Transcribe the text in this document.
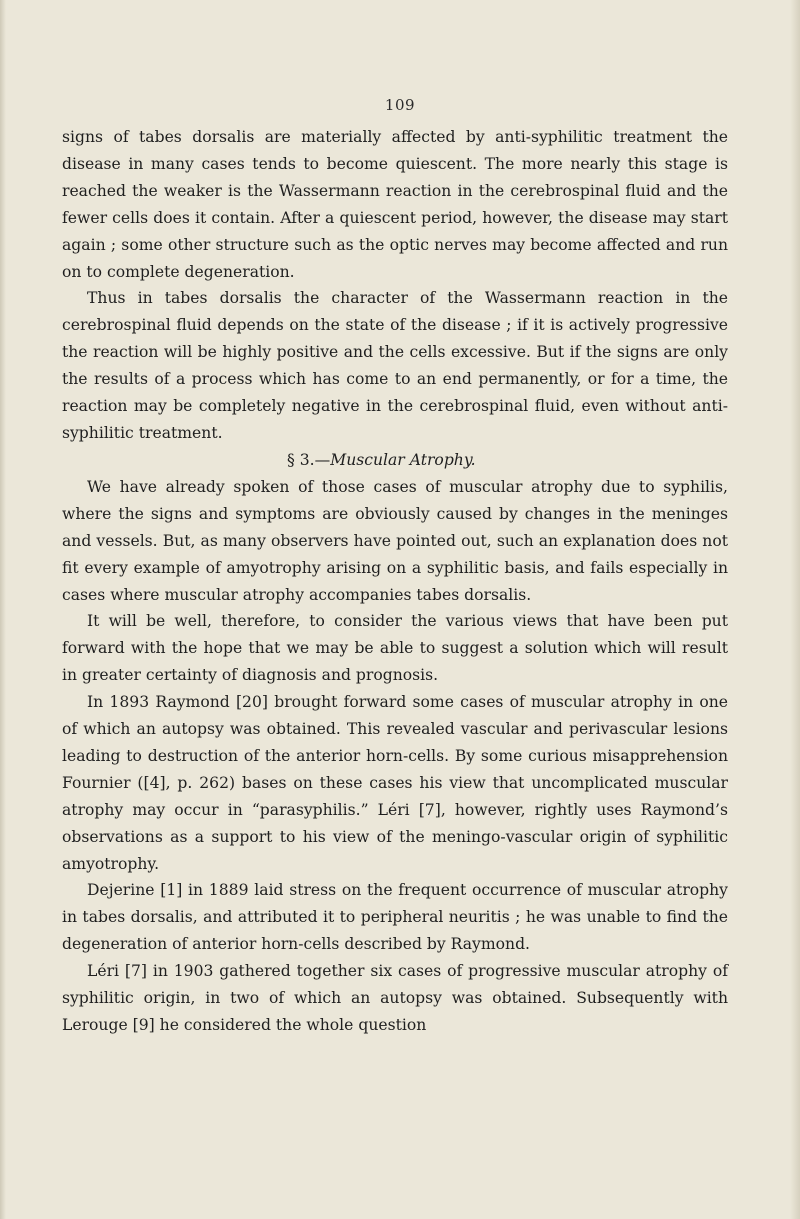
109

signs of tabes dorsalis are materially affected by anti-syphilitic treatment the disease in many cases tends to become quiescent. The more nearly this stage is reached the weaker is the Wassermann reaction in the cerebrospinal fluid and the fewer cells does it contain. After a quiescent period, however, the disease may start again ; some other structure such as the optic nerves may become affected and run on to complete degeneration.

Thus in tabes dorsalis the character of the Wassermann reaction in the cerebrospinal fluid depends on the state of the disease ; if it is actively progressive the reaction will be highly positive and the cells excessive. But if the signs are only the results of a process which has come to an end permanently, or for a time, the reaction may be completely negative in the cerebrospinal fluid, even without anti-syphilitic treatment.

§ 3.—Muscular Atrophy.

We have already spoken of those cases of muscular atrophy due to syphilis, where the signs and symptoms are obviously caused by changes in the meninges and vessels. But, as many observers have pointed out, such an explanation does not fit every example of amyotrophy arising on a syphilitic basis, and fails especially in cases where muscular atrophy accompanies tabes dorsalis.

It will be well, therefore, to consider the various views that have been put forward with the hope that we may be able to suggest a solution which will result in greater certainty of diagnosis and prognosis.

In 1893 Raymond [20] brought forward some cases of muscular atrophy in one of which an autopsy was obtained. This revealed vascular and perivascular lesions leading to destruction of the anterior horn-cells. By some curious misapprehension Fournier ([4], p. 262) bases on these cases his view that uncomplicated muscular atrophy may occur in “parasyphilis.” Léri [7], however, rightly uses Raymond’s observations as a support to his view of the meningo-vascular origin of syphilitic amyotrophy.

Dejerine [1] in 1889 laid stress on the frequent occurrence of muscular atrophy in tabes dorsalis, and attributed it to peripheral neuritis ; he was unable to find the degeneration of anterior horn-cells described by Raymond.

Léri [7] in 1903 gathered together six cases of progressive muscular atrophy of syphilitic origin, in two of which an autopsy was obtained. Subsequently with Lerouge [9] he considered the whole question
